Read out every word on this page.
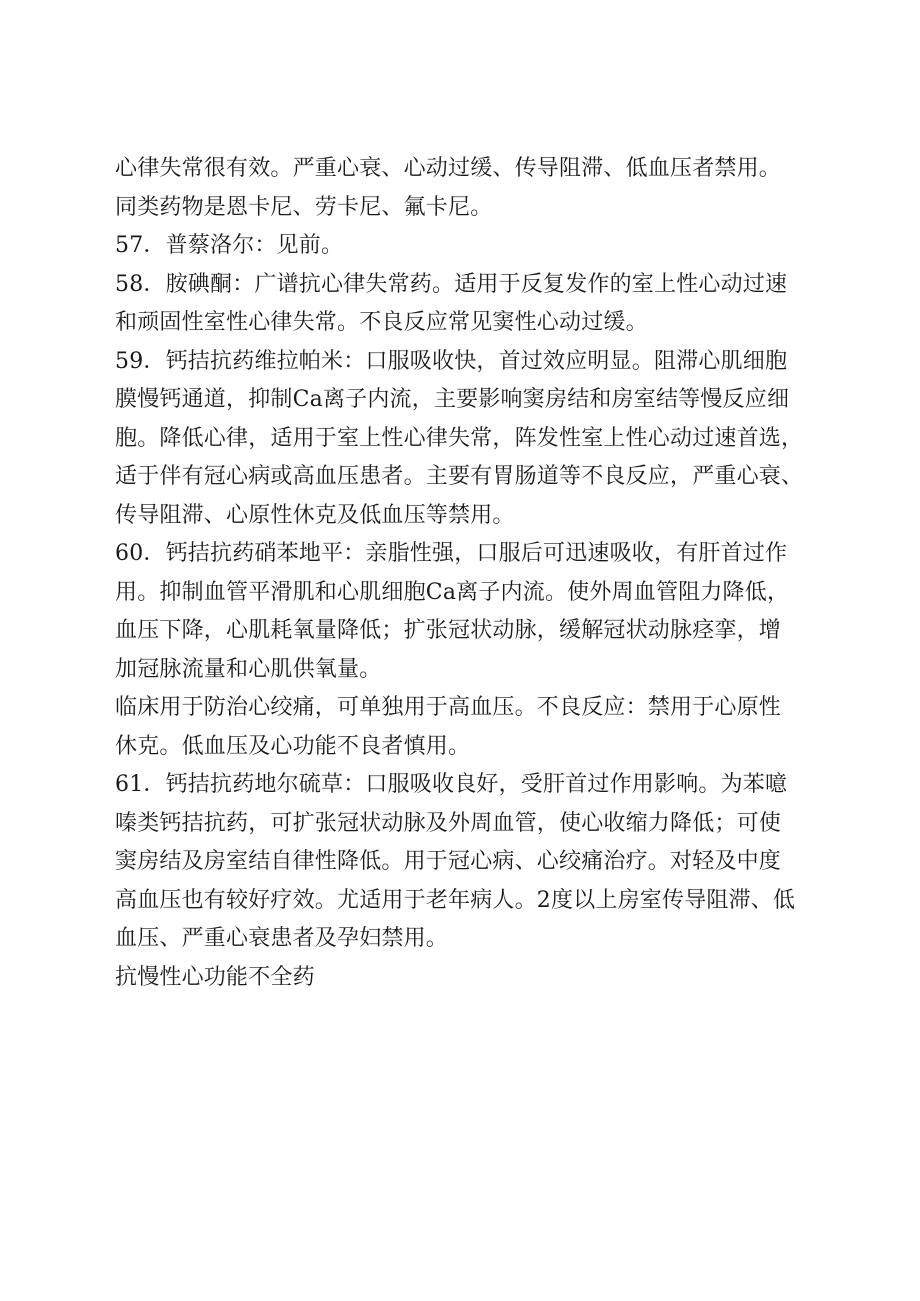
心律失常很有效。严重心衰、心动过缓、传导阻滞、低血压者禁用。
同类药物是恩卡尼、劳卡尼、氟卡尼。

57．普蔡洛尔：见前。

58．胺碘酮：广谱抗心律失常药。适用于反复发作的室上性心动过速
和顽固性室性心律失常。不良反应常见窦性心动过缓。

59．钙拮抗药维拉帕米：口服吸收快，首过效应明显。阻滞心肌细胞
膜慢钙通道，抑制Ca离子内流，主要影响窦房结和房室结等慢反应细
胞。降低心律，适用于室上性心律失常，阵发性室上性心动过速首选，
适于伴有冠心病或高血压患者。主要有胃肠道等不良反应，严重心衰、
传导阻滞、心原性休克及低血压等禁用。

60．钙拮抗药硝苯地平：亲脂性强，口服后可迅速吸收，有肝首过作
用。抑制血管平滑肌和心肌细胞Ca离子内流。使外周血管阻力降低，
血压下降，心肌耗氧量降低；扩张冠状动脉，缓解冠状动脉痉挛，增
加冠脉流量和心肌供氧量。

临床用于防治心绞痛，可单独用于高血压。不良反应：禁用于心原性
休克。低血压及心功能不良者慎用。

61．钙拮抗药地尔硫草：口服吸收良好，受肝首过作用影响。为苯噫
嗪类钙拮抗药，可扩张冠状动脉及外周血管，使心收缩力降低；可使
窦房结及房室结自律性降低。用于冠心病、心绞痛治疗。对轻及中度
高血压也有较好疗效。尤适用于老年病人。2度以上房室传导阻滞、低
血压、严重心衰患者及孕妇禁用。

抗慢性心功能不全药
